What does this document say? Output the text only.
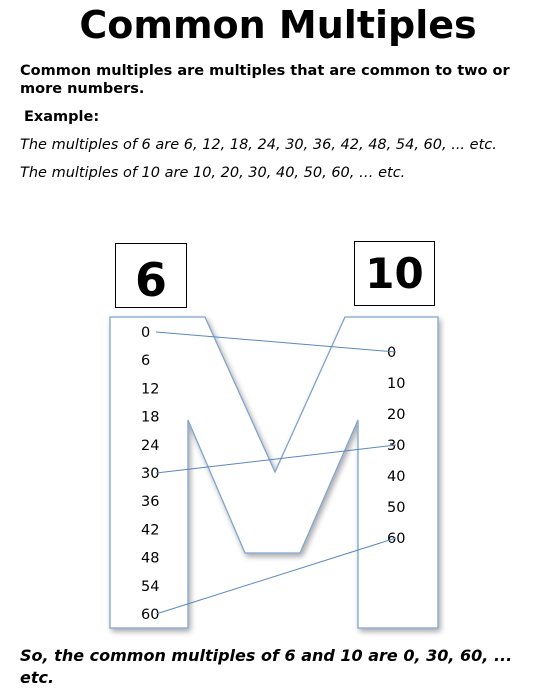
Common Multiples
Common multiples are multiples that are common to two or more numbers.
Example:
The multiples of 6 are 6, 12, 18, 24, 30, 36, 42, 48, 54, 60, ... etc.
The multiples of 10 are 10, 20, 30, 40, 50, 60, … etc.
6	10
0
6
12
18
24
30
36
42
48
54
60
0
10
20
30
40
50
60
So, the common multiples of 6 and 10 are 0, 30, 60, ... etc.
